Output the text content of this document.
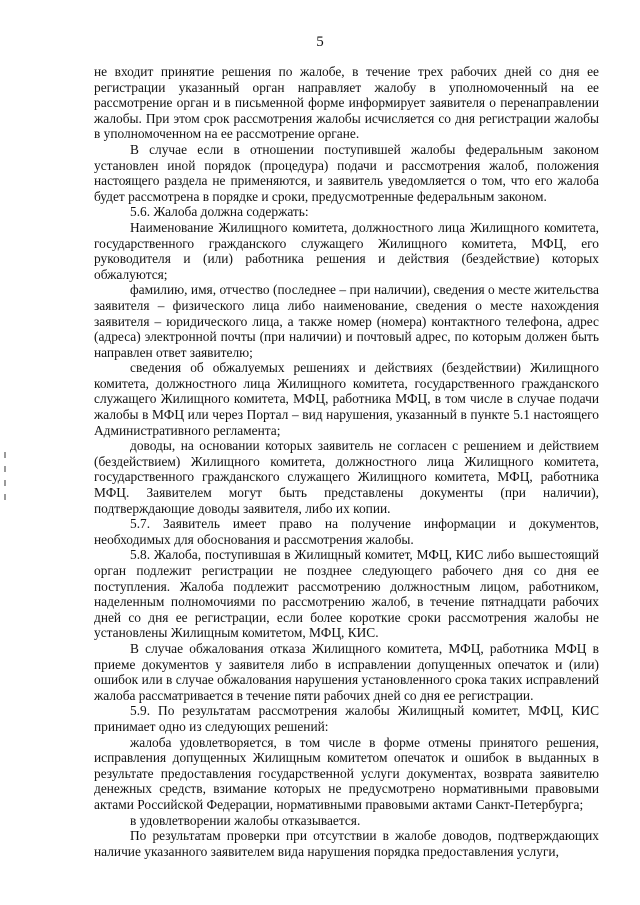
5

не входит принятие решения по жалобе, в течение трех рабочих дней со дня ее регистрации указанный орган направляет жалобу в уполномоченный на ее рассмотрение орган и в письменной форме информирует заявителя о перенаправлении жалобы. При этом срок рассмотрения жалобы исчисляется со дня регистрации жалобы в уполномоченном на ее рассмотрение органе.

В случае если в отношении поступившей жалобы федеральным законом установлен иной порядок (процедура) подачи и рассмотрения жалоб, положения настоящего раздела не применяются, и заявитель уведомляется о том, что его жалоба будет рассмотрена в порядке и сроки, предусмотренные федеральным законом.

5.6. Жалоба должна содержать:

Наименование Жилищного комитета, должностного лица Жилищного комитета, государственного гражданского служащего Жилищного комитета, МФЦ, его руководителя и (или) работника решения и действия (бездействие) которых обжалуются;

фамилию, имя, отчество (последнее – при наличии), сведения о месте жительства заявителя – физического лица либо наименование, сведения о месте нахождения заявителя – юридического лица, а также номер (номера) контактного телефона, адрес (адреса) электронной почты (при наличии) и почтовый адрес, по которым должен быть направлен ответ заявителю;

сведения об обжалуемых решениях и действиях (бездействии) Жилищного комитета, должностного лица Жилищного комитета, государственного гражданского служащего Жилищного комитета, МФЦ, работника МФЦ, в том числе в случае подачи жалобы в МФЦ или через Портал – вид нарушения, указанный в пункте 5.1 настоящего Административного регламента;

доводы, на основании которых заявитель не согласен с решением и действием (бездействием) Жилищного комитета, должностного лица Жилищного комитета, государственного гражданского служащего Жилищного комитета, МФЦ, работника МФЦ. Заявителем могут быть представлены документы (при наличии), подтверждающие доводы заявителя, либо их копии.

5.7. Заявитель имеет право на получение информации и документов, необходимых для обоснования и рассмотрения жалобы.

5.8. Жалоба, поступившая в Жилищный комитет, МФЦ, КИС либо вышестоящий орган подлежит регистрации не позднее следующего рабочего дня со дня ее поступления. Жалоба подлежит рассмотрению должностным лицом, работником, наделенным полномочиями по рассмотрению жалоб, в течение пятнадцати рабочих дней со дня ее регистрации, если более короткие сроки рассмотрения жалобы не установлены Жилищным комитетом, МФЦ, КИС.

В случае обжалования отказа Жилищного комитета, МФЦ, работника МФЦ в приеме документов у заявителя либо в исправлении допущенных опечаток и (или) ошибок или в случае обжалования нарушения установленного срока таких исправлений жалоба рассматривается в течение пяти рабочих дней со дня ее регистрации.

5.9. По результатам рассмотрения жалобы Жилищный комитет, МФЦ, КИС принимает одно из следующих решений:

жалоба удовлетворяется, в том числе в форме отмены принятого решения, исправления допущенных Жилищным комитетом опечаток и ошибок в выданных в результате предоставления государственной услуги документах, возврата заявителю денежных средств, взимание которых не предусмотрено нормативными правовыми актами Российской Федерации, нормативными правовыми актами Санкт-Петербурга;

в удовлетворении жалобы отказывается.

По результатам проверки при отсутствии в жалобе доводов, подтверждающих наличие указанного заявителем вида нарушения порядка предоставления услуги,
